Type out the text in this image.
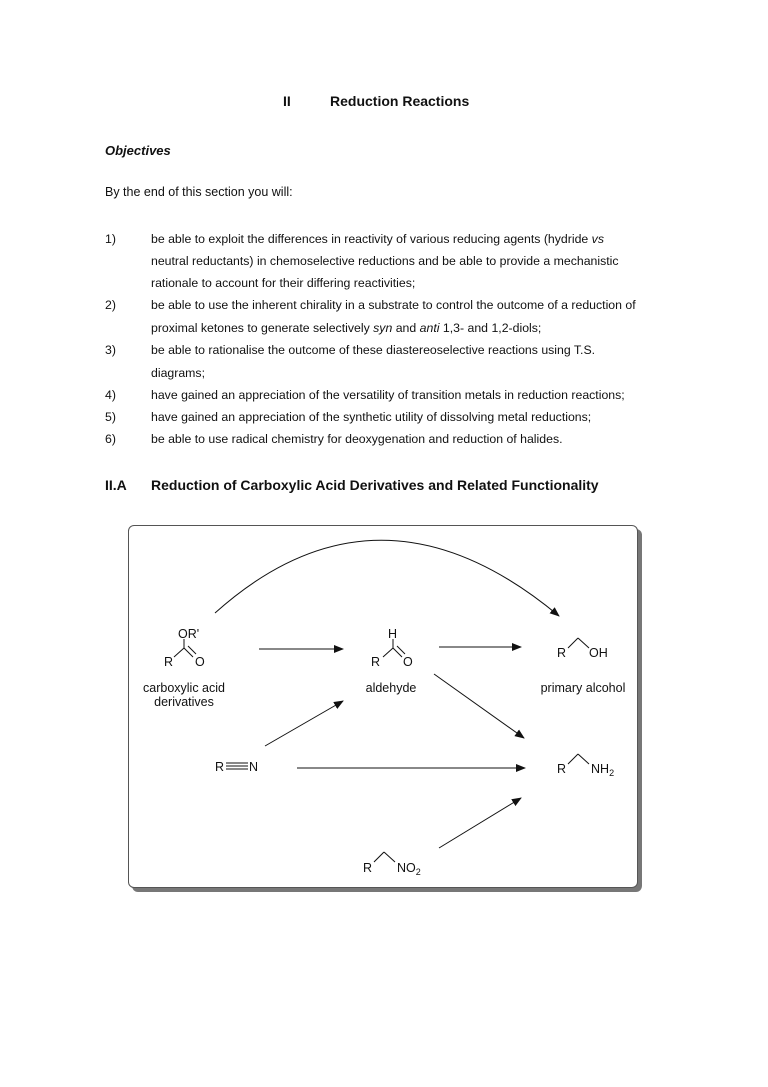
II	Reduction Reactions
Objectives
By the end of this section you will:
1)	be able to exploit the differences in reactivity of various reducing agents (hydride vs
neutral reductants) in chemoselective reductions and be able to provide a mechanistic
rationale to account for their differing reactivities;
2)	be able to use the inherent chirality in a substrate to control the outcome of a reduction of
proximal ketones to generate selectively syn and anti 1,3- and 1,2-diols;
3)	be able to rationalise the outcome of these diastereoselective reactions using T.S.
diagrams;
4)	have gained an appreciation of the versatility of transition metals in reduction reactions;
5)	have gained an appreciation of the synthetic utility of dissolving metal reductions;
6)	be able to use radical chemistry for deoxygenation and reduction of halides.
II.A Reduction of Carboxylic Acid Derivatives and Related Functionality
OR'
R O
carboxylic acid
derivatives
H
R O
aldehyde
R OH
primary alcohol
R N	R $NH_2$
R $NO_2$
